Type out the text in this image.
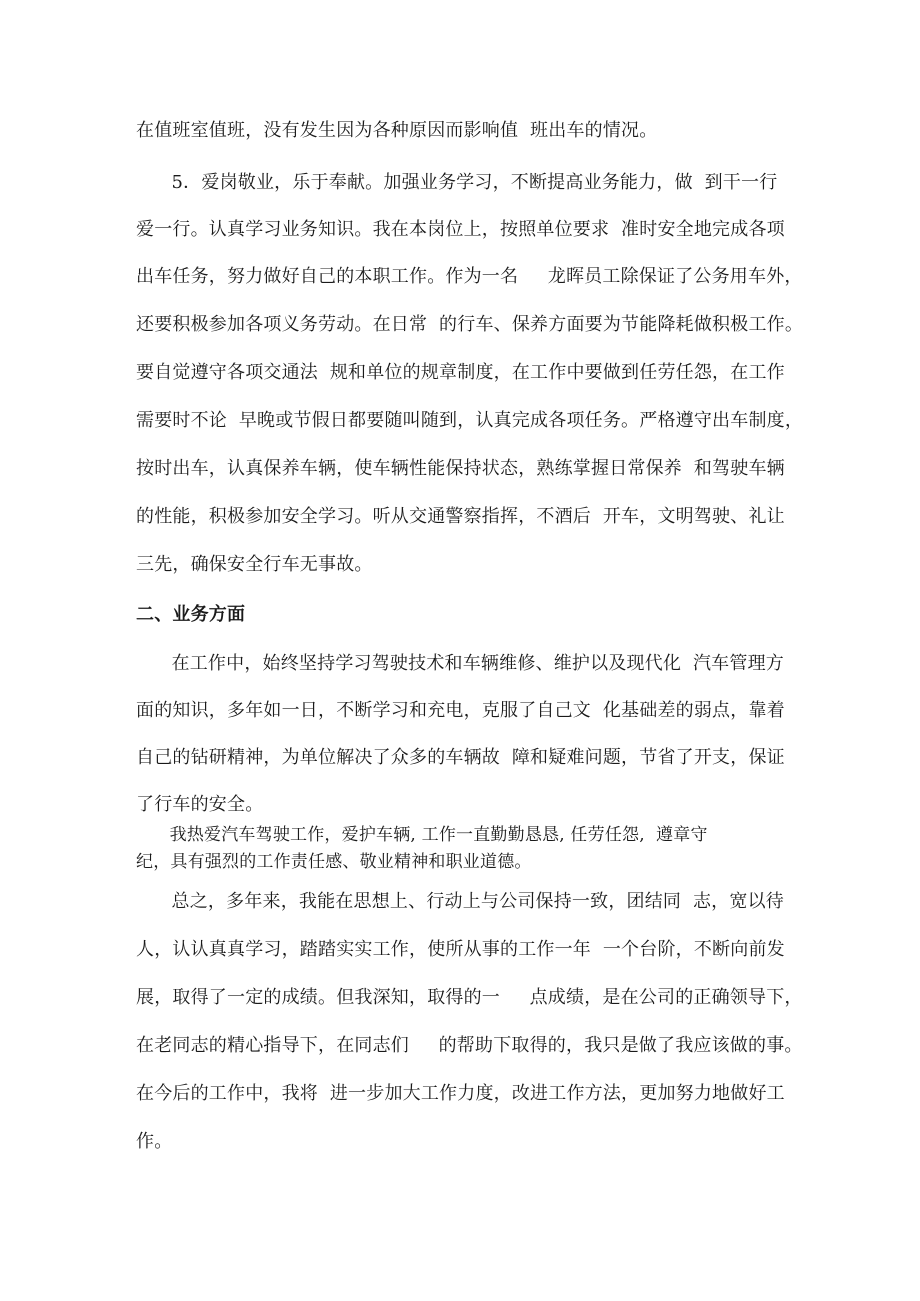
在值班室值班，没有发生因为各种原因而影响值  班出车的情况。
5．爱岗敬业，乐于奉献。加强业务学习，不断提高业务能力，做  到干一行
爱一行。认真学习业务知识。我在本岗位上，按照单位要求  准时安全地完成各项
出车任务，努力做好自己的本职工作。作为一名     龙晖员工除保证了公务用车外，
还要积极参加各项义务劳动。在日常  的行车、保养方面要为节能降耗做积极工作。
要自觉遵守各项交通法  规和单位的规章制度，在工作中要做到任劳任怨，在工作
需要时不论  早晚或节假日都要随叫随到，认真完成各项任务。严格遵守出车制度，
按时出车，认真保养车辆，使车辆性能保持状态，熟练掌握日常保养  和驾驶车辆
的性能，积极参加安全学习。听从交通警察指挥，不酒后  开车，文明驾驶、礼让
三先，确保安全行车无事故。
二、业务方面
在工作中，始终坚持学习驾驶技术和车辆维修、维护以及现代化  汽车管理方
面的知识，多年如一日，不断学习和充电，克服了自己文  化基础差的弱点，靠着
自己的钻研精神，为单位解决了众多的车辆故  障和疑难问题，节省了开支，保证
了行车的安全。
我热爱汽车驾驶工作，爱护车辆, 工作一直勤勤恳恳, 任劳任怨,  遵章守
纪，具有强烈的工作责任感、敬业精神和职业道德。
总之，多年来，我能在思想上、行动上与公司保持一致，团结同  志，宽以待
人，认认真真学习，踏踏实实工作，使所从事的工作一年  一个台阶，不断向前发
展，取得了一定的成绩。但我深知，取得的一     点成绩，是在公司的正确领导下，
在老同志的精心指导下，在同志们     的帮助下取得的，我只是做了我应该做的事。
在今后的工作中，我将  进一步加大工作力度，改进工作方法，更加努力地做好工
作。
